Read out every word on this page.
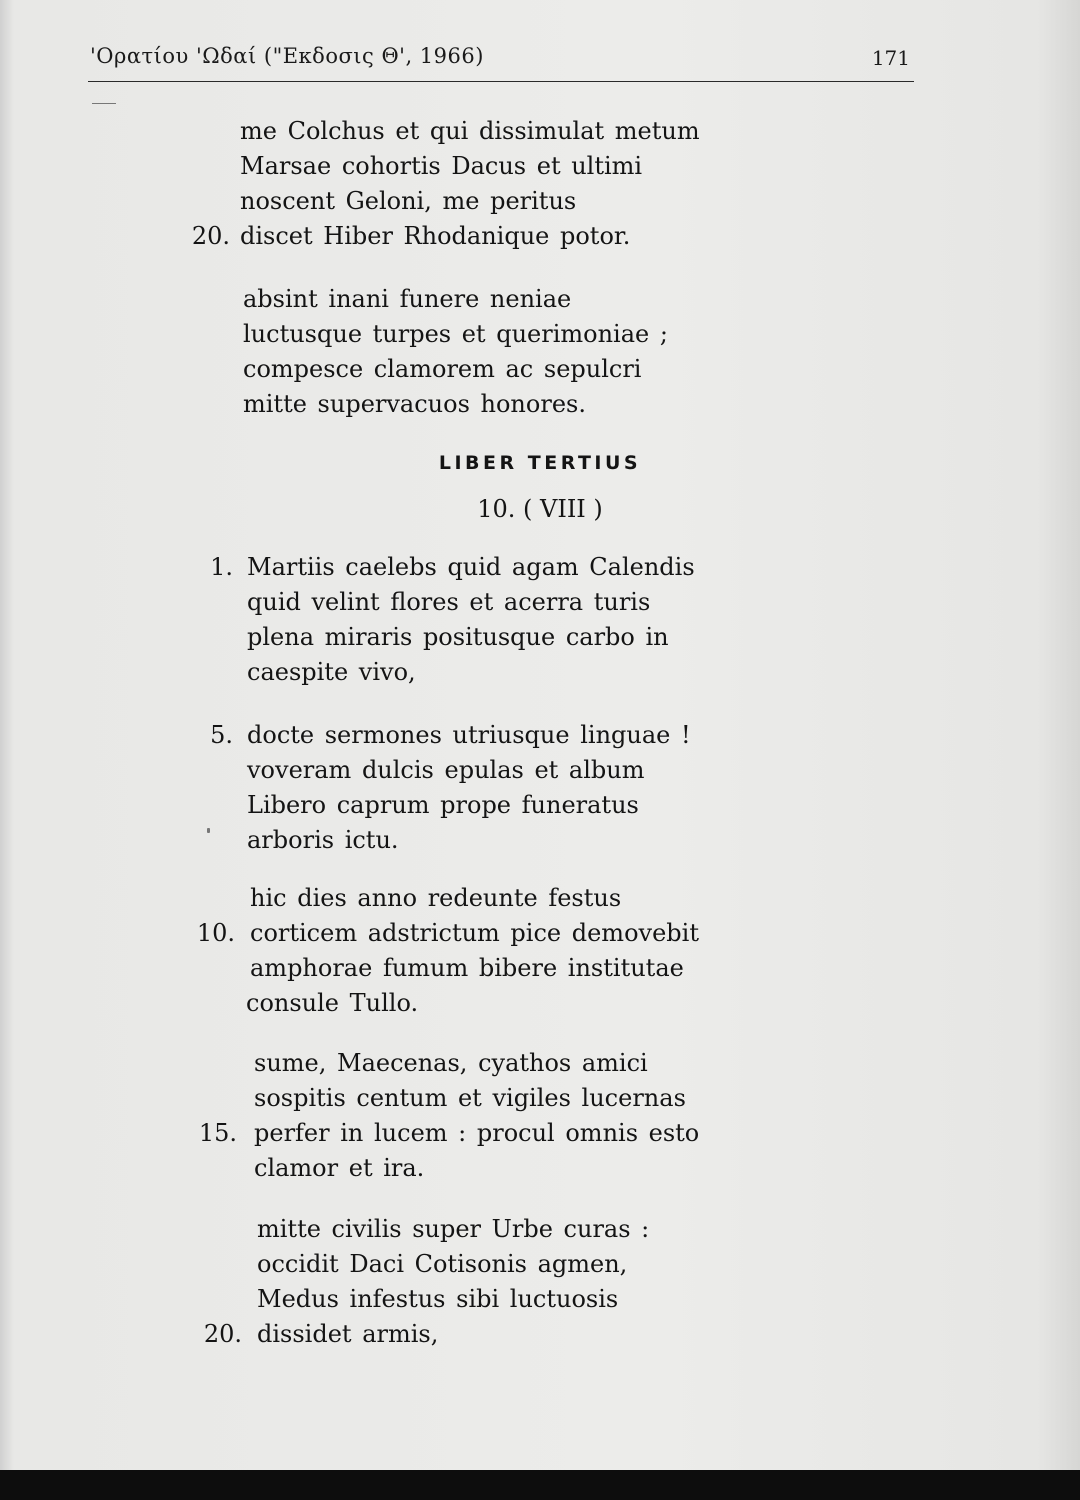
'Ορατίου 'Ωδαί ("Εκδοσις Θ', 1966)	171
me Colchus et qui dissimulat metum
Marsae cohortis Dacus et ultimi
noscent Geloni, me peritus
20. discet Hiber Rhodanique potor.
absint inani funere neniae
luctusque turpes et querimoniae ;
compesce clamorem ac sepulcri
mitte supervacuos honores.
LIBER TERTIUS
10. ( VIII )
1. Martiis caelebs quid agam Calendis
quid velint flores et acerra turis
plena miraris positusque carbo in
caespite vivo,
5. docte sermones utriusque linguae !
voveram dulcis epulas et album
Libero caprum prope funeratus
arboris ictu.
hic dies anno redeunte festus
10. corticem adstrictum pice demovebit
amphorae fumum bibere institutae
consule Tullo.
sume, Maecenas, cyathos amici
sospitis centum et vigiles lucernas
15. perfer in lucem : procul omnis esto
clamor et ira.
mitte civilis super Urbe curas :
occidit Daci Cotisonis agmen,
Medus infestus sibi luctuosis
20. dissidet armis,
